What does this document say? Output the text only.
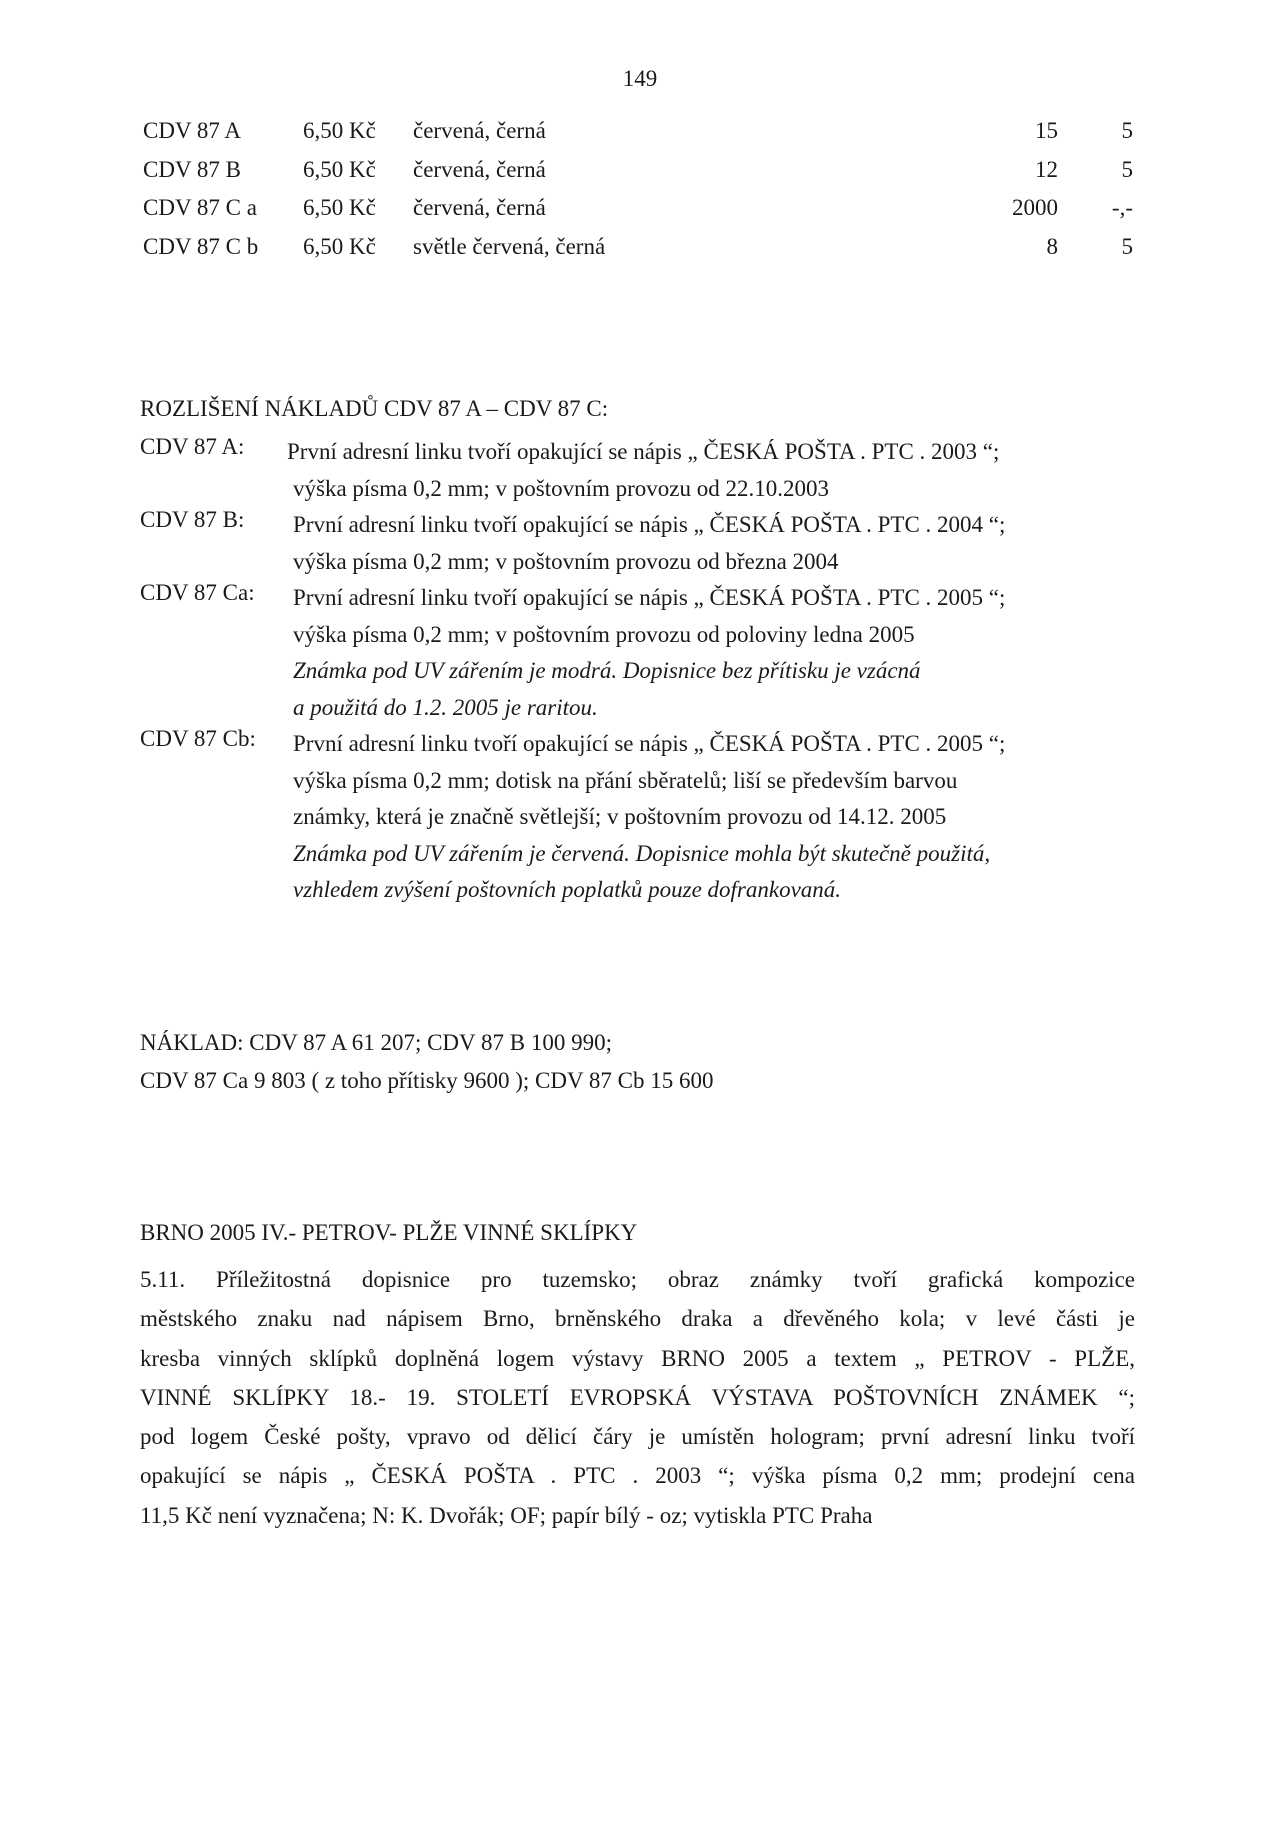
149
CDV 87 A	6,50 Kč červená, černá	15	5
CDV 87 B	6,50 Kč červená, černá	12	5
CDV 87 C a 6,50 Kč červená, černá	2000 -,-
CDV 87 C b 6,50 Kč světle červená, černá	8	5
ROZLIŠENÍ NÁKLADŮ CDV 87 A – CDV 87 C:
CDV 87 A: První adresní linku tvoří opakující se nápis „ ČESKÁ POŠTA . PTC . 2003 “;
výška písma 0,2 mm; v poštovním provozu od 22.10.2003
CDV 87 B: První adresní linku tvoří opakující se nápis „ ČESKÁ POŠTA . PTC . 2004 “;
výška písma 0,2 mm; v poštovním provozu od března 2004
CDV 87 Ca: První adresní linku tvoří opakující se nápis „ ČESKÁ POŠTA . PTC . 2005 “;
výška písma 0,2 mm; v poštovním provozu od poloviny ledna 2005
Známka pod UV zářením je modrá. Dopisnice bez přítisku je vzácná
a použitá do 1.2. 2005 je raritou.
CDV 87 Cb: První adresní linku tvoří opakující se nápis „ ČESKÁ POŠTA . PTC . 2005 “;
výška písma 0,2 mm; dotisk na přání sběratelů; liší se především barvou
známky, která je značně světlejší; v poštovním provozu od 14.12. 2005
Známka pod UV zářením je červená. Dopisnice mohla být skutečně použitá,
vzhledem zvýšení poštovních poplatků pouze dofrankovaná.
NÁKLAD: CDV 87 A 61 207; CDV 87 B 100 990;
CDV 87 Ca 9 803 ( z toho přítisky 9600 ); CDV 87 Cb 15 600
BRNO 2005 IV.- PETROV- PLŽE VINNÉ SKLÍPKY
5.11. Příležitostná dopisnice pro tuzemsko; obraz známky tvoří grafická kompozice
městského znaku nad nápisem Brno, brněnského draka a dřevěného kola; v levé části je
kresba vinných sklípků doplněná logem výstavy BRNO 2005 a textem „ PETROV - PLŽE,
VINNÉ SKLÍPKY 18.- 19. STOLETÍ EVROPSKÁ VÝSTAVA POŠTOVNÍCH ZNÁMEK “;
pod logem České pošty, vpravo od dělicí čáry je umístěn hologram; první adresní linku tvoří
opakující se nápis „ ČESKÁ POŠTA . PTC . 2003 “; výška písma 0,2 mm; prodejní cena
11,5 Kč není vyznačena; N: K. Dvořák; OF; papír bílý - oz; vytiskla PTC Praha
